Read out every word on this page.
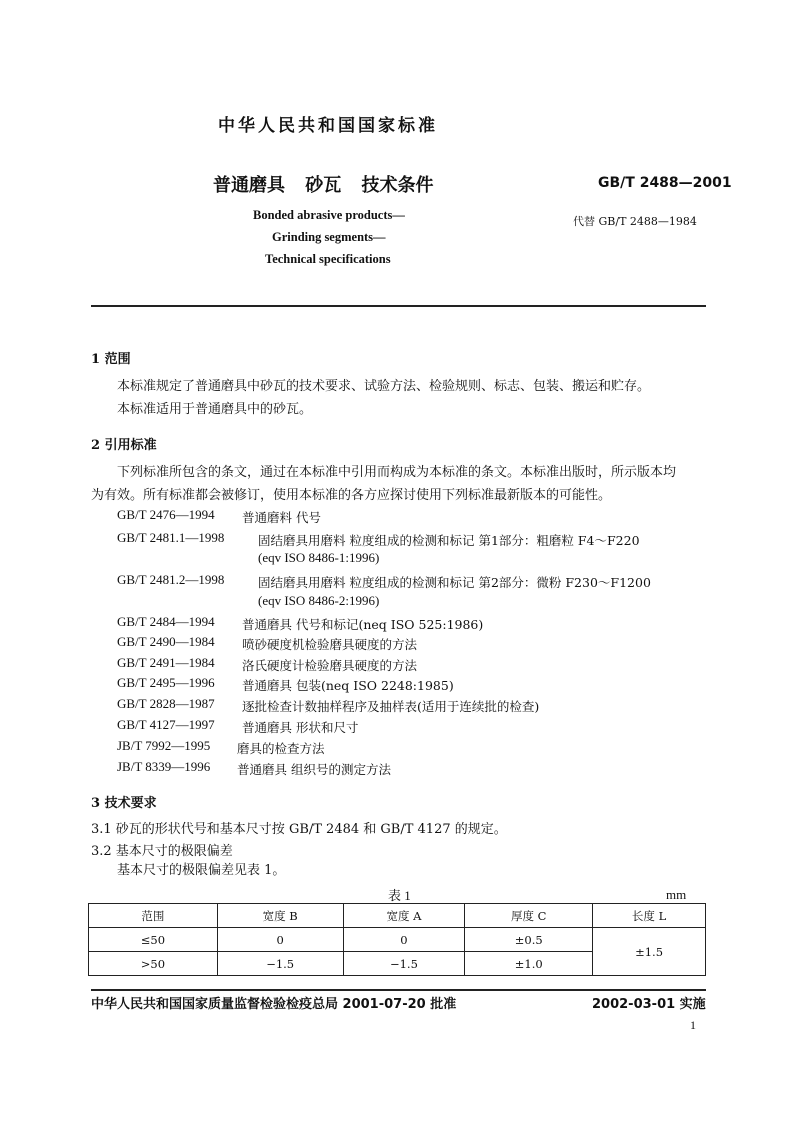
中华人民共和国国家标准
普通磨具 砂瓦 技术条件	GB/T 2488—2001
代替 GB/T 2488—1984
Bonded abrasive products—
Grinding segments—
Technical specifications
1 范围
本标准规定了普通磨具中砂瓦的技术要求、试验方法、检验规则、标志、包装、搬运和贮存。
本标准适用于普通磨具中的砂瓦。
2 引用标准
下列标准所包含的条文，通过在本标准中引用而构成为本标准的条文。本标准出版时，所示版本均
为有效。所有标准都会被修订，使用本标准的各方应探讨使用下列标准最新版本的可能性。
GB/T 2476—1994 普通磨料 代号
GB/T 2481.1—1998	固结磨具用磨料 粒度组成的检测和标记 第1部分：粗磨粒 F4～F220
(eqv ISO 8486-1:1996)
GB/T 2481.2—1998	固结磨具用磨料 粒度组成的检测和标记 第2部分：微粉 F230～F1200
(eqv ISO 8486-2:1996)
GB/T 2484—1994 普通磨具 代号和标记(neq ISO 525:1986)
GB/T 2490—1984 喷砂硬度机检验磨具硬度的方法
GB/T 2491—1984 洛氏硬度计检验磨具硬度的方法
GB/T 2495—1996 普通磨具 包装(neq ISO 2248:1985)
GB/T 2828—1987 逐批检查计数抽样程序及抽样表(适用于连续批的检查)
GB/T 4127—1997 普通磨具 形状和尺寸
JB/T 7992—1995 磨具的检查方法
JB/T 8339—1996 普通磨具 组织号的测定方法
3 技术要求
3.1 砂瓦的形状代号和基本尺寸按 GB/T 2484 和 GB/T 4127 的规定。
3.2 基本尺寸的极限偏差
基本尺寸的极限偏差见表 1。
表 1	mm
范围	宽度 B	宽度 A	厚度 C	长度 L
≤50	0	0	±0.5	±1.5
>50	−1.5	−1.5	±1.0	
中华人民共和国国家质量监督检验检疫总局 2001-07-20 批准	2002-03-01 实施
1
